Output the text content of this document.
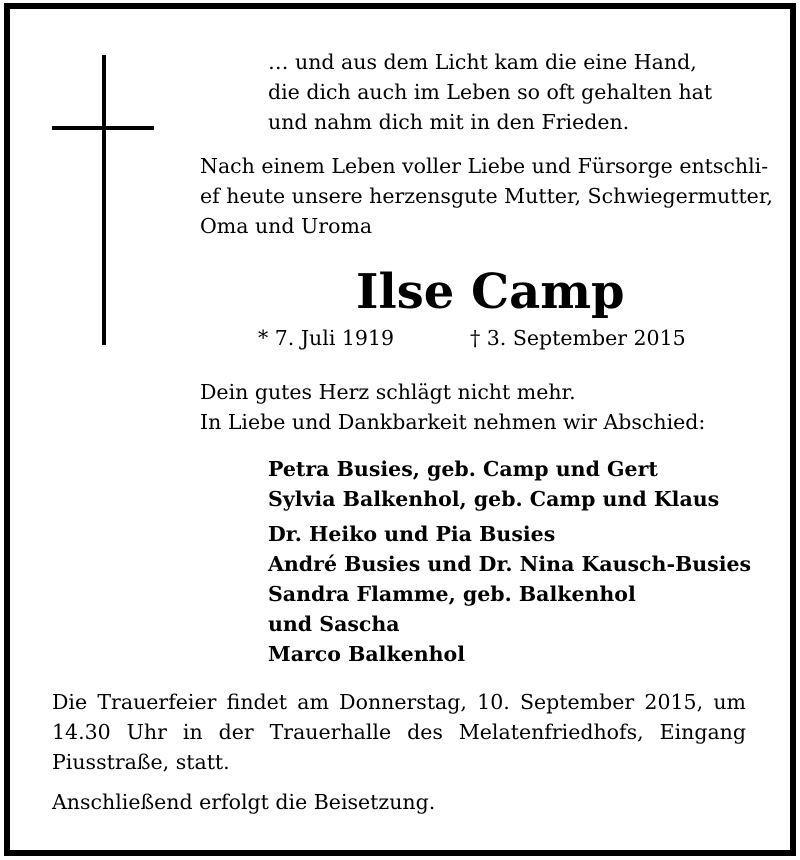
… und aus dem Licht kam die eine Hand,

die dich auch im Leben so oft gehalten hat

und nahm dich mit in den Frieden.

Nach einem Leben voller Liebe und Fürsorge entschli-

ef heute unsere herzensgute Mutter, Schwiegermutter,

Oma und Uroma

Ilse Camp

* 7. Juli 1919	† 3. September 2015

Dein gutes Herz schlägt nicht mehr.

In Liebe und Dankbarkeit nehmen wir Abschied:

Petra Busies, geb. Camp und Gert

Sylvia Balkenhol, geb. Camp und Klaus

Dr. Heiko und Pia Busies

André Busies und Dr. Nina Kausch-Busies

Sandra Flamme, geb. Balkenhol

und Sascha

Marco Balkenhol

Die Trauerfeier findet am Donnerstag, 10. September 2015, um
14.30 Uhr in der Trauerhalle des Melatenfriedhofs, Eingang

Piusstraße, statt.

Anschließend erfolgt die Beisetzung.
